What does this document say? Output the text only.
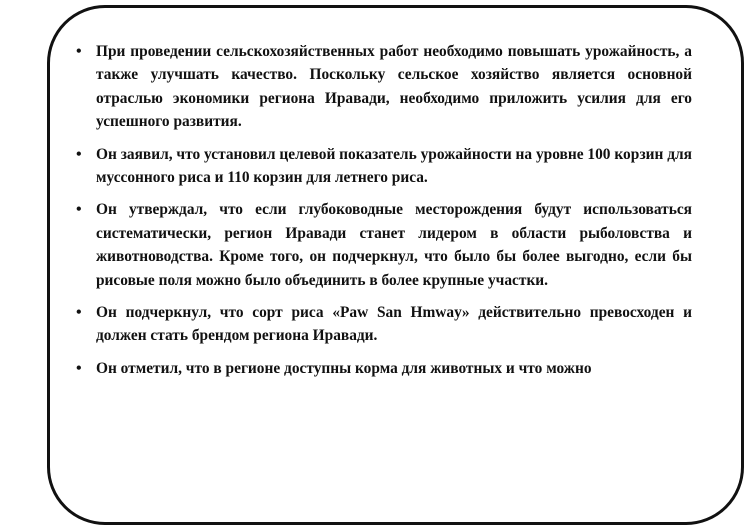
• При проведении сельскохозяйственных работ необходимо повышать урожайность, а также улучшать качество. Поскольку сельское хозяйство является основной отраслью экономики региона Иравади, необходимо приложить усилия для его успешного развития.
• Он заявил, что установил целевой показатель урожайности на уровне 100 корзин для муссонного риса и 110 корзин для летнего риса.
• Он утверждал, что если глубоководные месторождения будут использоваться систематически, регион Иравади станет лидером в области рыболовства и животноводства. Кроме того, он подчеркнул, что было бы более выгодно, если бы рисовые поля можно было объединить в более крупные участки.
• Он подчеркнул, что сорт риса «Paw San Hmway» действительно превосходен и должен стать брендом региона Иравади.
• Он отметил, что в регионе доступны корма для животных и что можно
